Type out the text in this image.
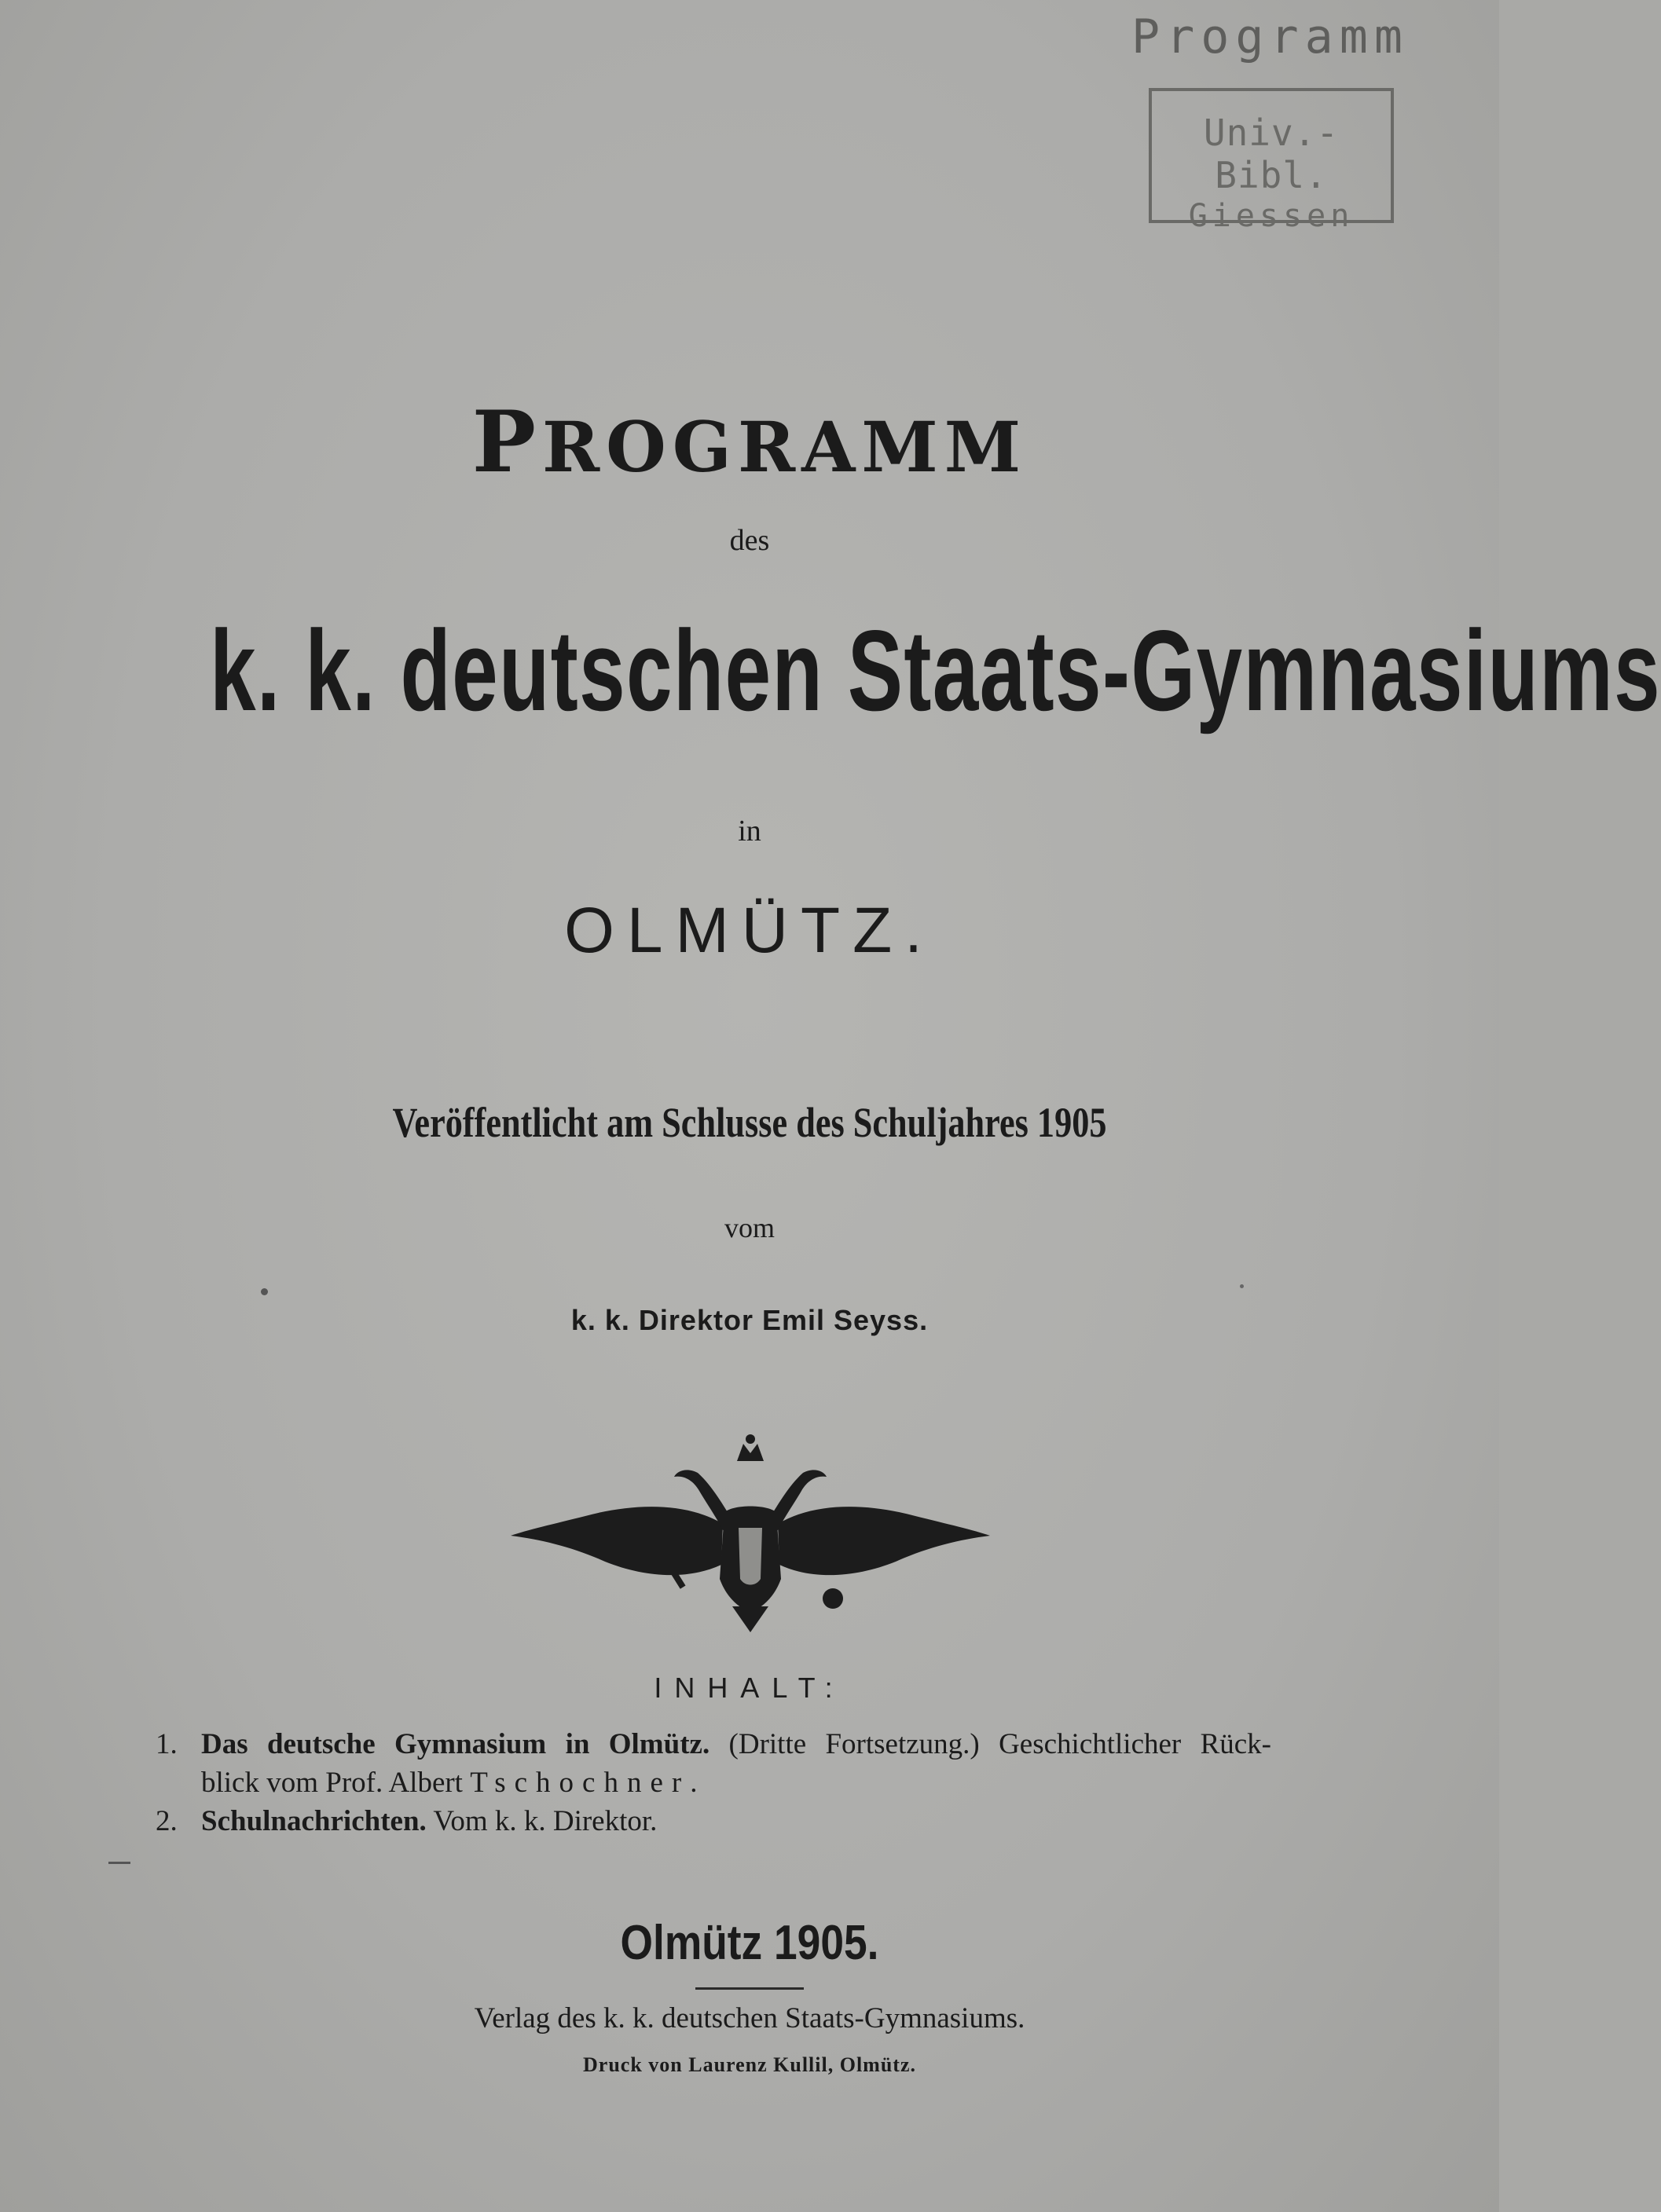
Programm
Univ.-Bibl.
Giessen
PROGRAMM
des
k. k. deutschen Staats-Gymnasiums
in
OLMÜTZ.
Veröffentlicht am Schlusse des Schuljahres 1905
vom
k. k. Direktor Emil Seyss.
INHALT:
1. Das deutsche Gymnasium in Olmütz. (Dritte Fortsetzung.) Geschichtlicher Rück-
blick vom Prof. Albert Tschochner.
2. Schulnachrichten. Vom k. k. Direktor.
Olmütz 1905.
Verlag des k. k. deutschen Staats-Gymnasiums.
Druck von Laurenz Kullil, Olmütz.
